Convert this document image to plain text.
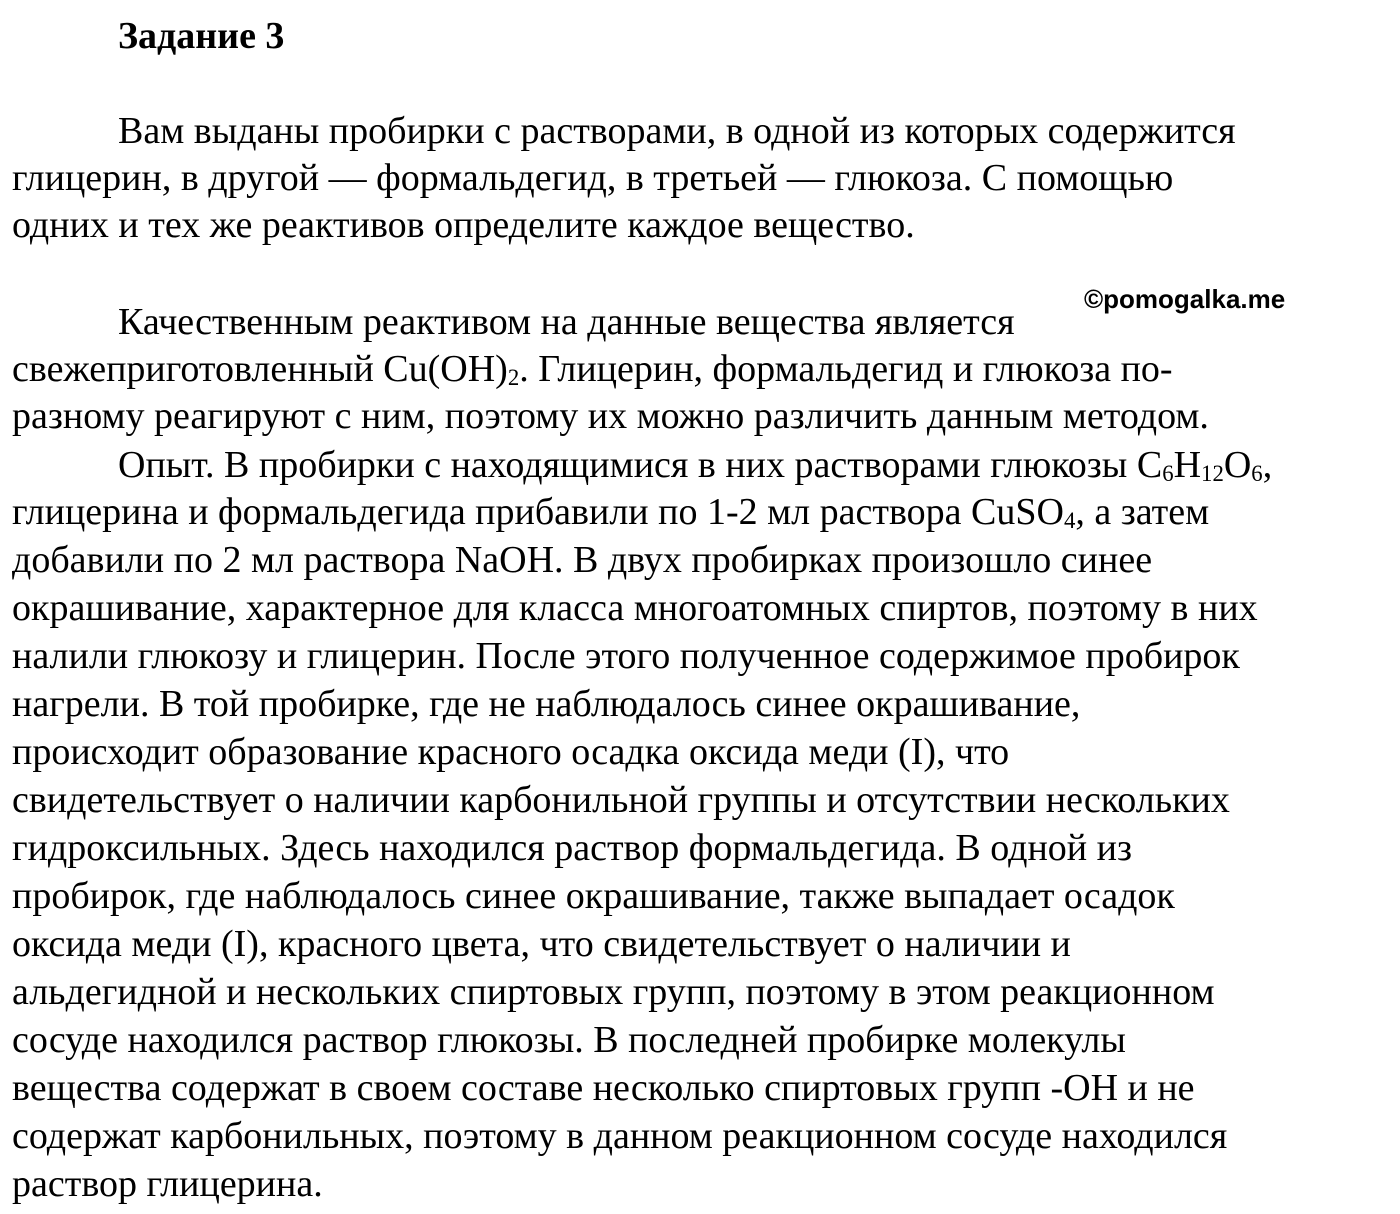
Задание 3
Вам выданы пробирки с растворами, в одной из которых содержится
глицерин, в другой — формальдегид, в третьей — глюкоза. С помощью
одних и тех же реактивов определите каждое вещество.
Качественным реактивом на данные вещества является
свежеприготовленный $Cu(OH)_2$. Глицерин, формальдегид и глюкоза по-
разному реагируют с ним, поэтому их можно различить данным методом.
Опыт. В пробирки с находящимися в них растворами глюкозы $C_6H_{12}O_6$,
глицерина и формальдегида прибавили по 1-2 мл раствора CuSO$_4$, а затем
добавили по 2 мл раствора NaOH. В двух пробирках произошло синее
окрашивание, характерное для класса многоатомных спиртов, поэтому в них
налили глюкозу и глицерин. После этого полученное содержимое пробирок
нагрели. В той пробирке, где не наблюдалось синее окрашивание,
происходит образование красного осадка оксида меди (I), что
свидетельствует о наличии карбонильной группы и отсутствии нескольких
гидроксильных. Здесь находился раствор формальдегида. В одной из
пробирок, где наблюдалось синее окрашивание, также выпадает осадок
оксида меди (I), красного цвета, что свидетельствует о наличии и
альдегидной и нескольких спиртовых групп, поэтому в этом реакционном
сосуде находился раствор глюкозы. В последней пробирке молекулы
вещества содержат в своем составе несколько спиртовых групп -OH и не
содержат карбонильных, поэтому в данном реакционном сосуде находился
раствор глицерина.
©pomogalka.me
